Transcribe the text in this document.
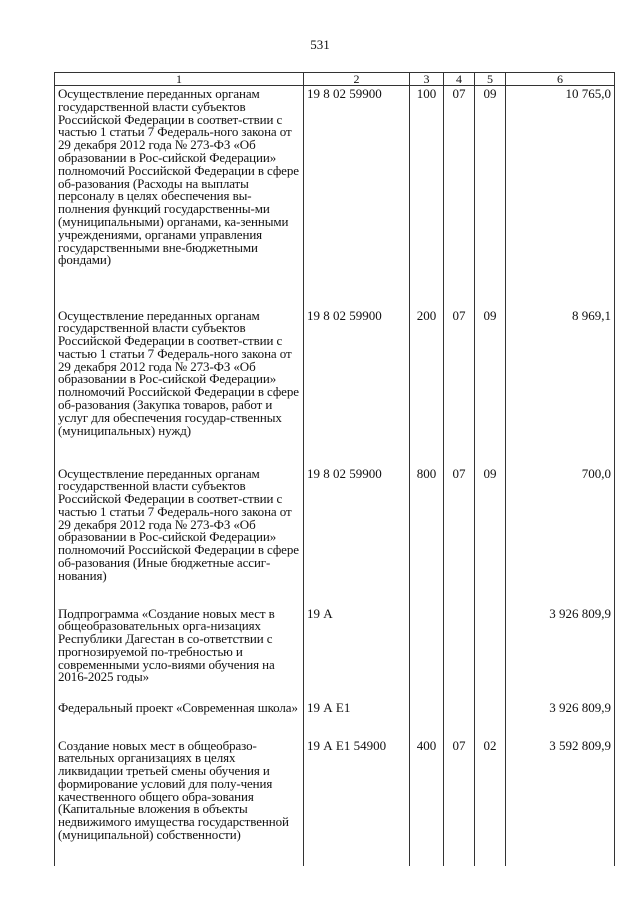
531
1	2	3	4	5	6
Осуществление переданных органам государственной власти субъектов Российской Федерации в соответ-ствии с частью 1 статьи 7 Федераль-ного закона от 29 декабря 2012 года № 273-ФЗ «Об образовании в Рос-сийской Федерации» полномочий Российской Федерации в сфере об-разования (Расходы на выплаты персоналу в целях обеспечения вы-полнения функций государственны-ми (муниципальными) органами, ка-зенными учреждениями, органами управления государственными вне-бюджетными фондами)	19 8 02 59900	100	07	09	10 765,0
Осуществление переданных органам государственной власти субъектов Российской Федерации в соответ-ствии с частью 1 статьи 7 Федераль-ного закона от 29 декабря 2012 года № 273-ФЗ «Об образовании в Рос-сийской Федерации» полномочий Российской Федерации в сфере об-разования (Закупка товаров, работ и услуг для обеспечения государ-ственных (муниципальных) нужд)	19 8 02 59900	200	07	09	8 969,1
Осуществление переданных органам государственной власти субъектов Российской Федерации в соответ-ствии с частью 1 статьи 7 Федераль-ного закона от 29 декабря 2012 года № 273-ФЗ «Об образовании в Рос-сийской Федерации» полномочий Российской Федерации в сфере об-разования (Иные бюджетные ассиг-нования)	19 8 02 59900	800	07	09	700,0
Подпрограмма «Создание новых мест в общеобразовательных орга-низациях Республики Дагестан в со-ответствии с прогнозируемой по-требностью и современными усло-виями обучения на 2016-2025 годы»	19 А				3 926 809,9
Федеральный проект «Современная школа»	19 А Е1				3 926 809,9
Создание новых мест в общеобразо-вательных организациях в целях ликвидации третьей смены обучения и формирование условий для полу-чения качественного общего обра-зования (Капитальные вложения в объекты недвижимого имущества государственной (муниципальной) собственности)	19 А Е1 54900	400	07	02	3 592 809,9
